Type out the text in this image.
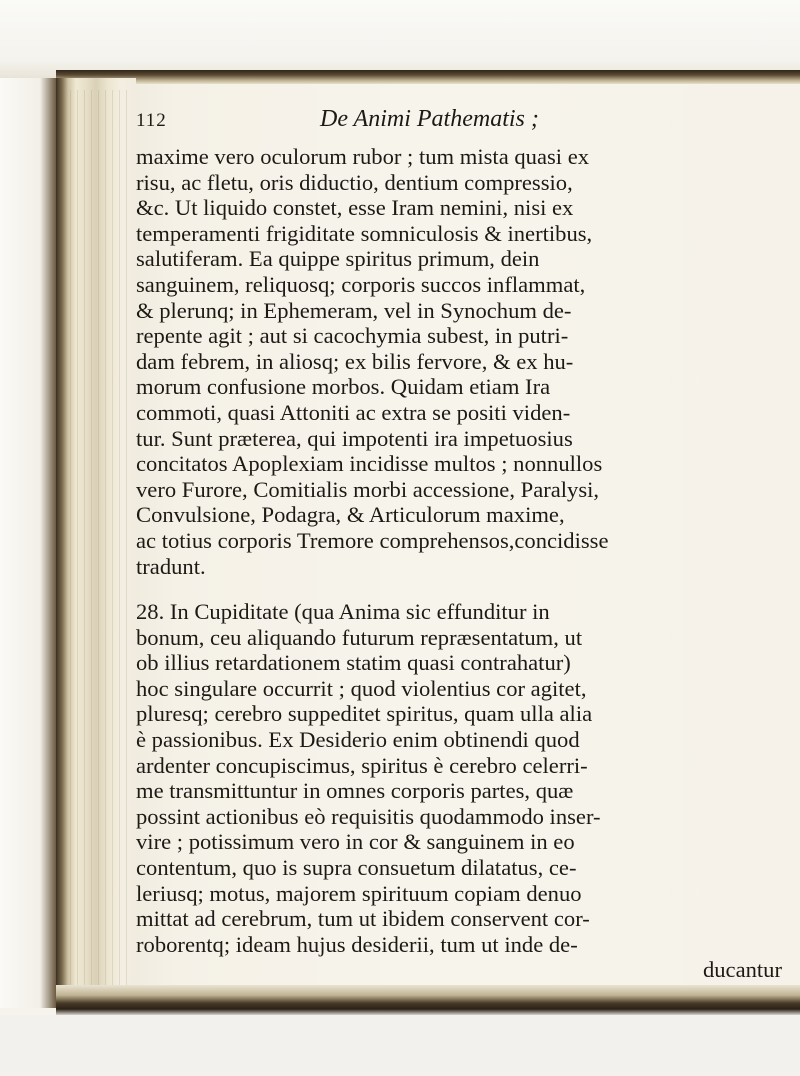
112	De Animi Pathematis ;
maxime vero oculorum rubor ; tum mista quasi ex
risu, ac fletu, oris diductio, dentium compressio,
&c. Ut liquido constet, esse Iram nemini, nisi ex
temperamenti frigiditate somniculosis & inertibus,
salutiferam. Ea quippe spiritus primum, dein
sanguinem, reliquosq; corporis succos inflammat,
& plerunq; in Ephemeram, vel in Synochum de-
repente agit ; aut si cacochymia subest, in putri-
dam febrem, in aliosq; ex bilis fervore, & ex hu-
morum confusione morbos. Quidam etiam Ira
commoti, quasi Attoniti ac extra se positi viden-
tur. Sunt præterea, qui impotenti ira impetuosius
concitatos Apoplexiam incidisse multos ; nonnullos
vero Furore, Comitialis morbi accessione, Paralysi,
Convulsione, Podagra, & Articulorum maxime,
ac totius corporis Tremore comprehensos,concidisse
tradunt.
28. In Cupiditate (qua Anima sic effunditur in
bonum, ceu aliquando futurum repræsentatum, ut
ob illius retardationem statim quasi contrahatur)
hoc singulare occurrit ; quod violentius cor agitet,
pluresq; cerebro suppeditet spiritus, quam ulla alia
è passionibus. Ex Desiderio enim obtinendi quod
ardenter concupiscimus, spiritus è cerebro celerri-
me transmittuntur in omnes corporis partes, quæ
possint actionibus eò requisitis quodammodo inser-
vire ; potissimum vero in cor & sanguinem in eo
contentum, quo is supra consuetum dilatatus, ce-
leriusq; motus, majorem spirituum copiam denuo
mittat ad cerebrum, tum ut ibidem conservent cor-
roborentq; ideam hujus desiderii, tum ut inde de-
ducantur
